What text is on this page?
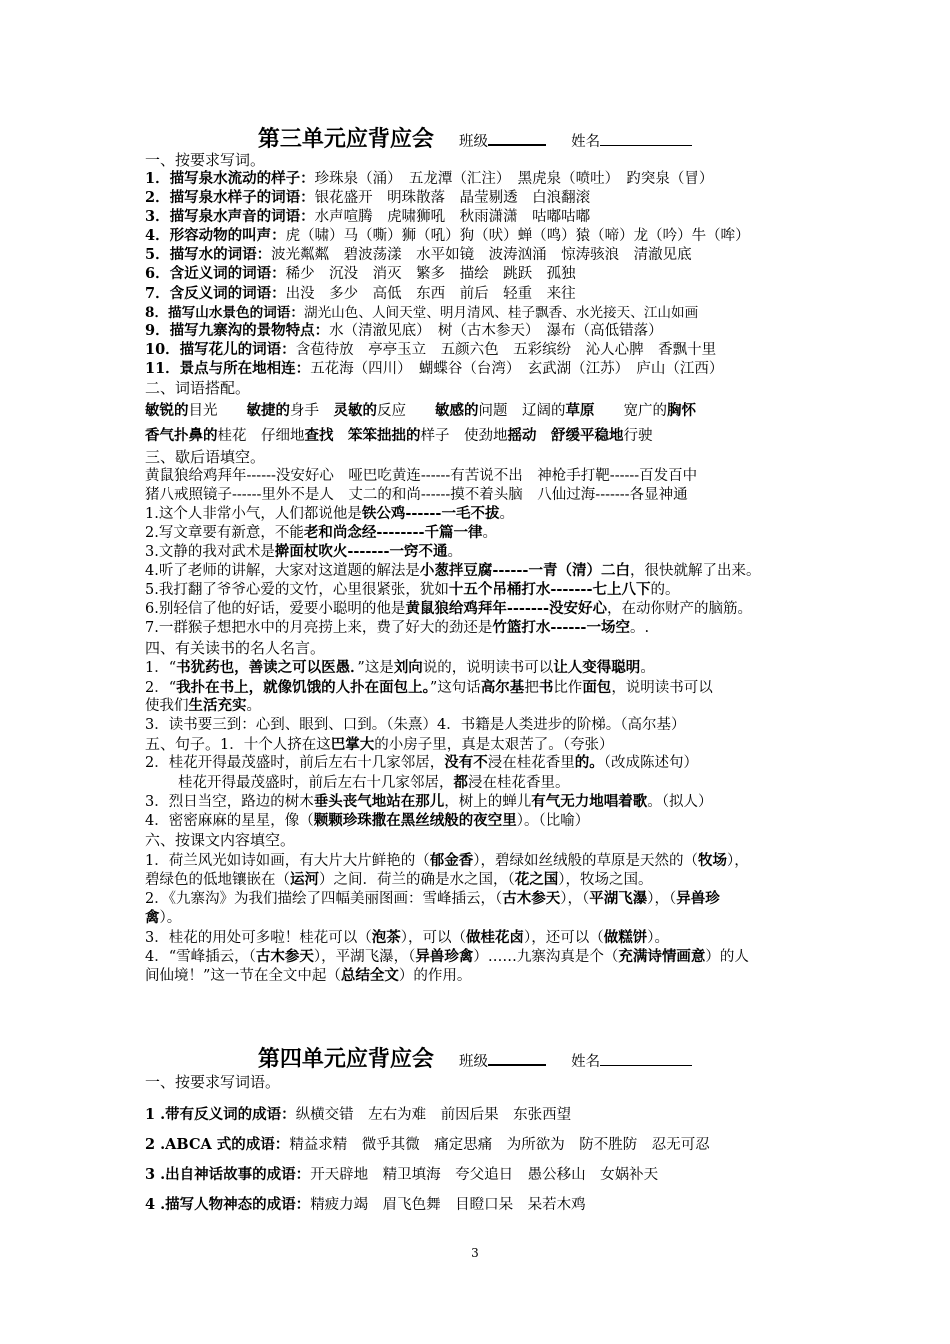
第三单元应背应会 班级	姓名
一、按要求写词。
1．描写泉水流动的样子：珍珠泉（涌）　五龙潭（汇注）　黑虎泉（喷吐）　趵突泉（冒）
2．描写泉水样子的词语：银花盛开　明珠散落　晶莹剔透　白浪翻滚
3．描写泉水声音的词语：水声喧腾　虎啸狮吼　秋雨潇潇　咕嘟咕嘟
4．形容动物的叫声：虎（啸）马（嘶）狮（吼）狗（吠）蝉（鸣）猿（啼）龙（吟）牛（哞）
5．描写水的词语：波光粼粼　碧波荡漾　水平如镜　波涛汹涌　惊涛骇浪　清澈见底
6．含近义词的词语：稀少　沉没　消灭　繁多　描绘　跳跃　孤独
7．含反义词的词语：出没　多少　高低　东西　前后　轻重　来往
8．描写山水景色的词语：湖光山色、人间天堂、明月清风、桂子飘香、水光接天、江山如画
9．描写九寨沟的景物特点：水（清澈见底）　树（古木参天）　瀑布（高低错落）
10．描写花儿的词语：含苞待放　亭亭玉立　五颜六色　五彩缤纷　沁人心脾　香飘十里
11．景点与所在地相连：五花海（四川）　蝴蝶谷（台湾）　玄武湖（江苏）　庐山（江西）
二、词语搭配。
敏锐的目光　　 敏捷的身手　 灵敏的反应　　 敏感的问题　 辽阔的草原　　 宽广的胸怀
香气扑鼻的桂花　 仔细地查找　 笨笨拙拙的样子　 使劲地摇动　 舒缓平稳地行驶
三、歇后语填空。
黄鼠狼给鸡拜年------没安好心　哑巴吃黄连------有苦说不出　神枪手打靶------百发百中
猪八戒照镜子------里外不是人　丈二的和尚------摸不着头脑　八仙过海-------各显神通
1.这个人非常小气，人们都说他是铁公鸡------一毛不拔。
2.写文章要有新意，不能老和尚念经--------千篇一律。
3.文静的我对武术是擀面杖吹火-------一窍不通。
4.听了老师的讲解，大家对这道题的解法是小葱拌豆腐------一青（清）二白，很快就解了出来。
5.我打翻了爷爷心爱的文竹，心里很紧张，犹如十五个吊桶打水-------七上八下的。
6.别轻信了他的好话，爱要小聪明的他是黄鼠狼给鸡拜年-------没安好心，在动你财产的脑筋。
7.一群猴子想把水中的月亮捞上来，费了好大的劲还是竹篮打水------一场空。.
四、有关读书的名人名言。
1．“书犹药也，善读之可以医愚．”这是刘向说的，说明读书可以让人变得聪明。
2．“我扑在书上，就像饥饿的人扑在面包上。”这句话高尔基把书比作面包，说明读书可以
使我们生活充实。
3．读书要三到：心到、眼到、口到。（朱熹）4．书籍是人类进步的阶梯。（高尔基）
五、句子。1．十个人挤在这巴掌大的小房子里，真是太艰苦了。（夸张）
2．桂花开得最茂盛时，前后左右十几家邻居，没有不浸在桂花香里的。（改成陈述句）
桂花开得最茂盛时，前后左右十几家邻居，都浸在桂花香里。
3．烈日当空，路边的树木垂头丧气地站在那儿，树上的蝉儿有气无力地唱着歌。（拟人）
4．密密麻麻的星星，像（颗颗珍珠撒在黑丝绒般的夜空里）。（比喻）
六、按课文内容填空。
1．荷兰风光如诗如画，有大片大片鲜艳的（郁金香），碧绿如丝绒般的草原是天然的（牧场），
碧绿色的低地镶嵌在（运河）之间．荷兰的确是水之国，（花之国），牧场之国。
2．《九寨沟》为我们描绘了四幅美丽图画：雪峰插云，（古木参天），（平湖飞瀑），（异兽珍
禽）。
3．桂花的用处可多啦！桂花可以（泡茶），可以（做桂花卤），还可以（做糕饼）。
4．“雪峰插云，（古木参天），平湖飞瀑，（异兽珍禽）……九寨沟真是个（充满诗情画意）的人
间仙境！”这一节在全文中起（总结全文）的作用。
第四单元应背应会 班级	姓名
一、按要求写词语。
1 .带有反义词的成语：纵横交错　左右为难　前因后果　东张西望
2 .ABCA 式的成语：精益求精　微乎其微　痛定思痛　为所欲为　防不胜防　忍无可忍
3 .出自神话故事的成语：开天辟地　精卫填海　夸父追日　愚公移山　女娲补天
4 .描写人物神态的成语：精疲力竭　眉飞色舞　目瞪口呆　呆若木鸡
3
